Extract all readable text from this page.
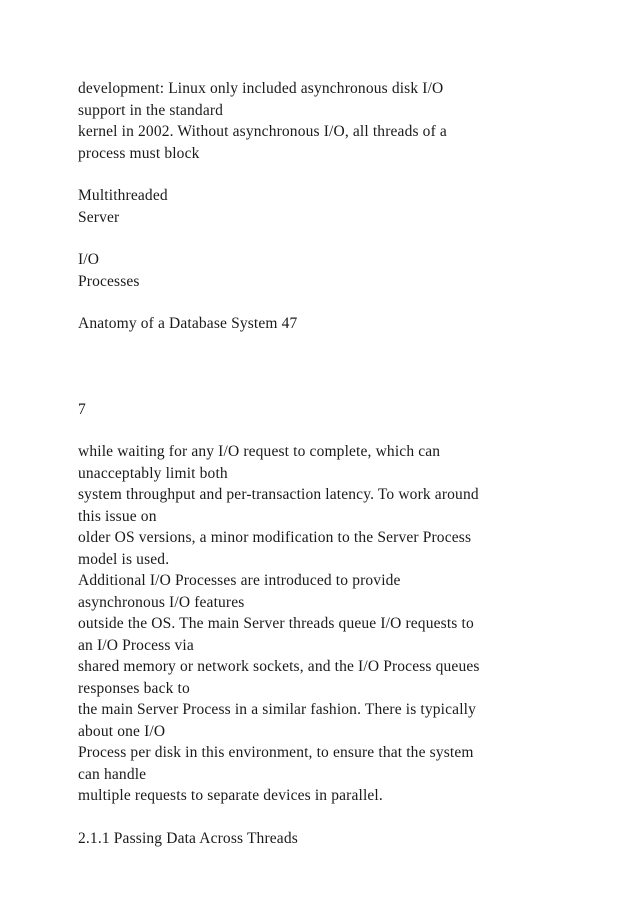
development: Linux only included asynchronous disk I/O
support in the standard
kernel in 2002. Without asynchronous I/O, all threads of a
process must block
Multithreaded
Server
I/O
Processes
Anatomy of a Database System 47
7
while waiting for any I/O request to complete, which can
unacceptably limit both
system throughput and per-transaction latency. To work around
this issue on
older OS versions, a minor modification to the Server Process
model is used.
Additional I/O Processes are introduced to provide
asynchronous I/O features
outside the OS. The main Server threads queue I/O requests to
an I/O Process via
shared memory or network sockets, and the I/O Process queues
responses back to
the main Server Process in a similar fashion. There is typically
about one I/O
Process per disk in this environment, to ensure that the system
can handle
multiple requests to separate devices in parallel.
2.1.1 Passing Data Across Threads
